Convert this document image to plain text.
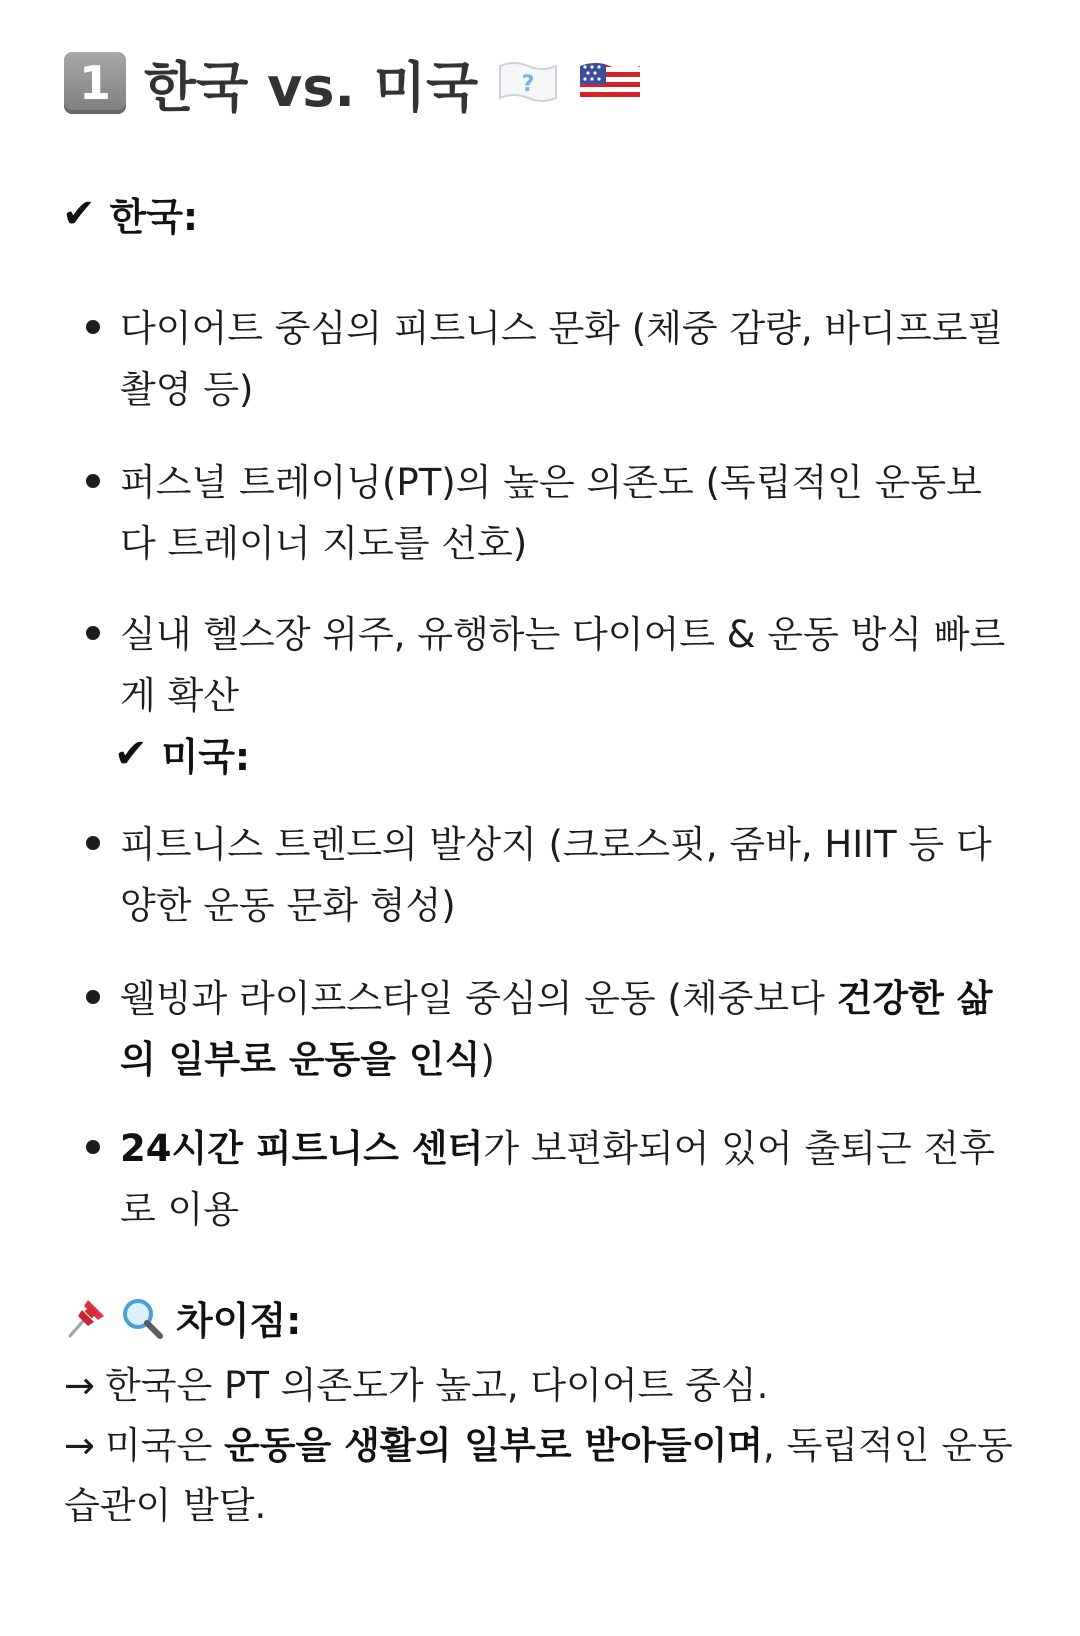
1 한국 vs. 미국 ?
✔ 한국:
다이어트 중심의 피트니스 문화 (체중 감량, 바디프로필 촬영 등)
퍼스널 트레이닝(PT)의 높은 의존도 (독립적인 운동보다 트레이너 지도를 선호)
실내 헬스장 위주, 유행하는 다이어트 & 운동 방식 빠르게 확산
✔ 미국:
피트니스 트렌드의 발상지 (크로스핏, 줌바, HIIT 등 다양한 운동 문화 형성)
웰빙과 라이프스타일 중심의 운동 (체중보다 건강한 삶의 일부로 운동을 인식)
24시간 피트니스 센터가 보편화되어 있어 출퇴근 전후로 이용
차이점:
→ 한국은 PT 의존도가 높고, 다이어트 중심.
→ 미국은 운동을 생활의 일부로 받아들이며, 독립적인 운동 습관이 발달.
